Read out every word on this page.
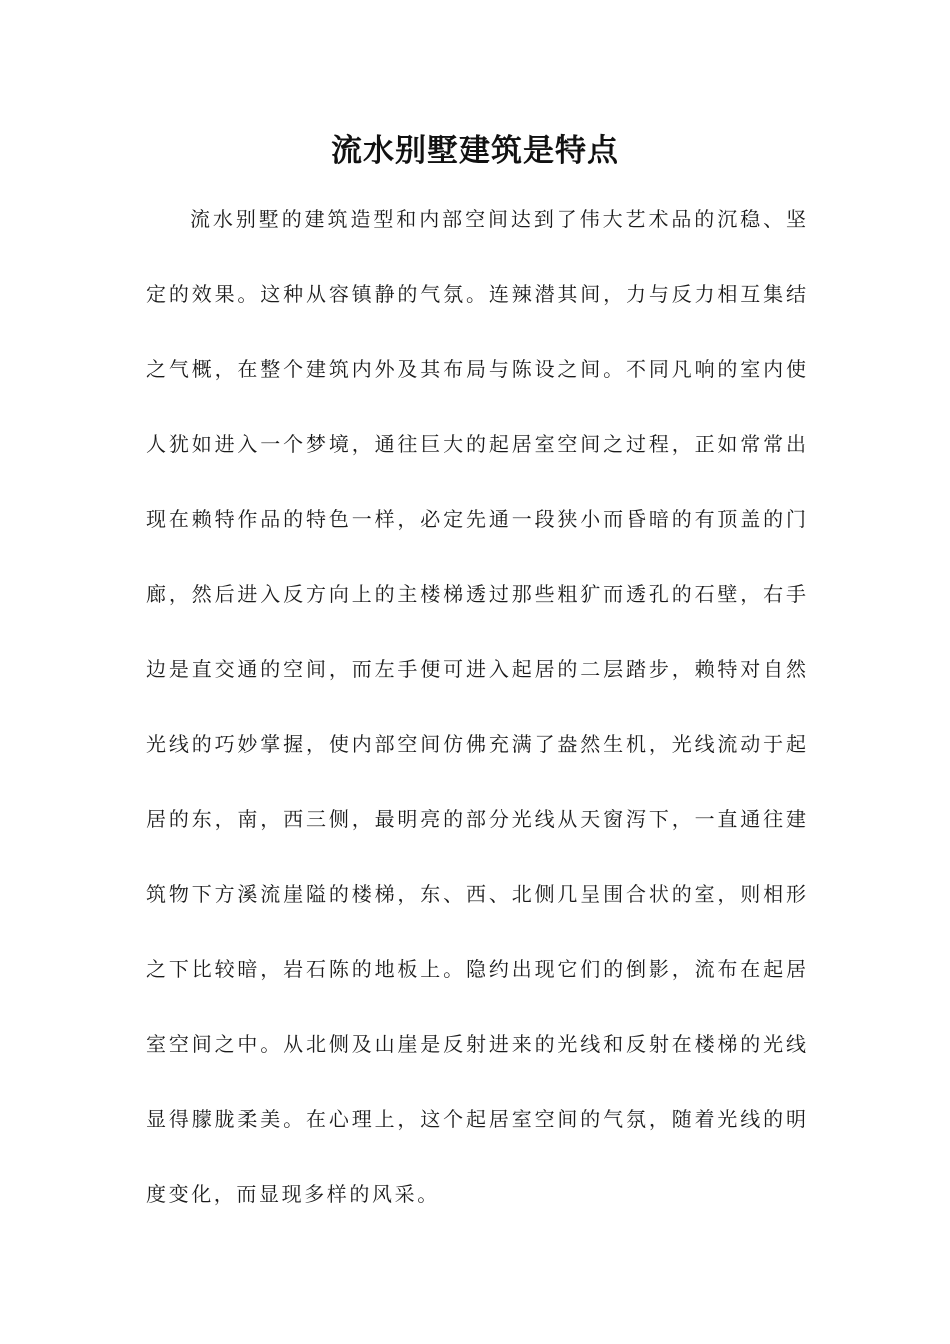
流水别墅建筑是特点
流水别墅的建筑造型和内部空间达到了伟大艺术品的沉稳、坚
定的效果。这种从容镇静的气氛。连辣潜其间，力与反力相互集结
之气概，在整个建筑内外及其布局与陈设之间。不同凡响的室内使
人犹如进入一个梦境，通往巨大的起居室空间之过程，正如常常出
现在赖特作品的特色一样，必定先通一段狭小而昏暗的有顶盖的门
廊，然后进入反方向上的主楼梯透过那些粗犷而透孔的石壁，右手
边是直交通的空间，而左手便可进入起居的二层踏步，赖特对自然
光线的巧妙掌握，使内部空间仿佛充满了盎然生机，光线流动于起
居的东，南，西三侧，最明亮的部分光线从天窗泻下，一直通往建
筑物下方溪流崖隘的楼梯，东、西、北侧几呈围合状的室，则相形
之下比较暗，岩石陈的地板上。隐约出现它们的倒影，流布在起居
室空间之中。从北侧及山崖是反射进来的光线和反射在楼梯的光线
显得朦胧柔美。在心理上，这个起居室空间的气氛，随着光线的明
度变化，而显现多样的风采。
